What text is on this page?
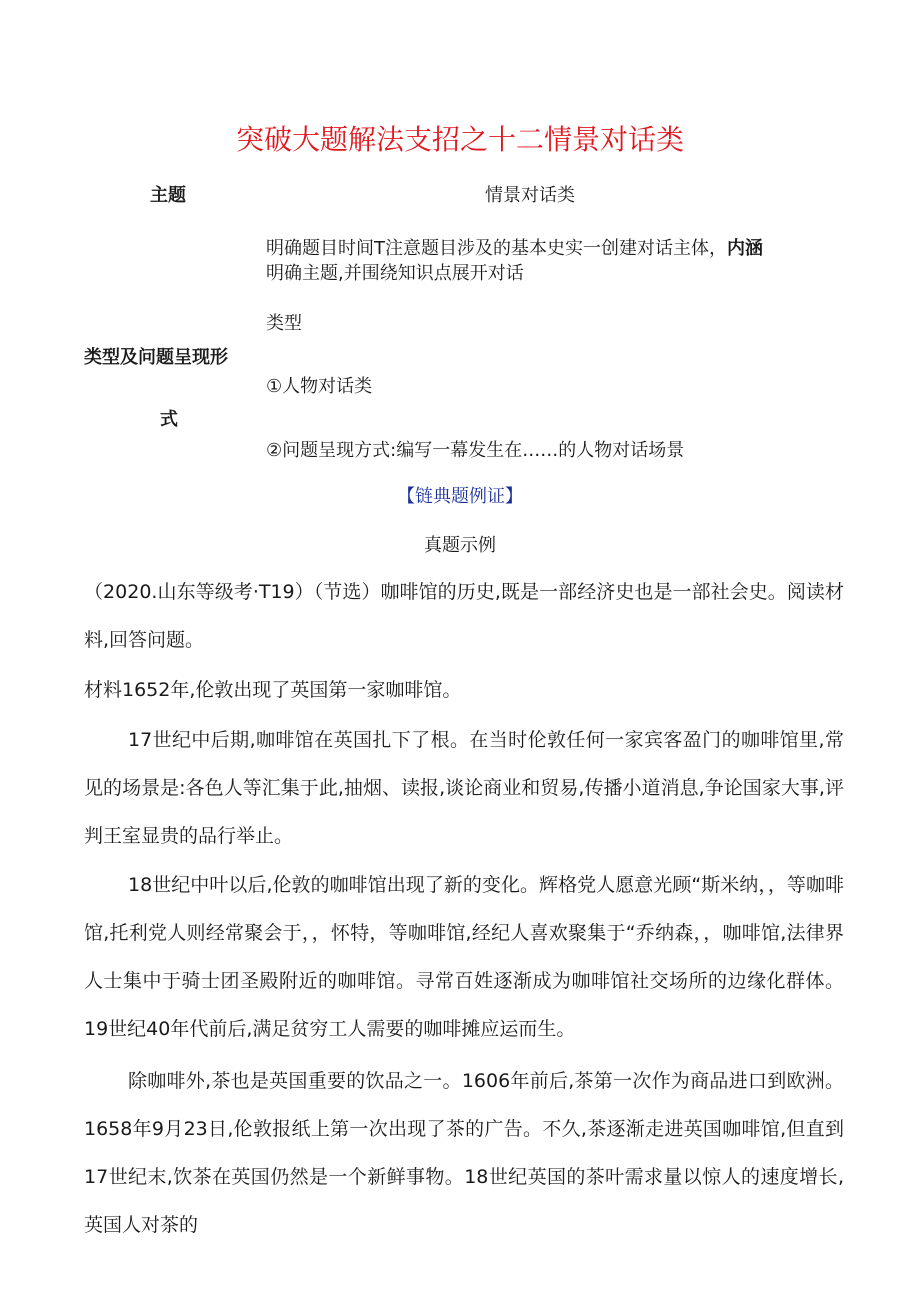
突破大题解法支招之十二情景对话类
主题	情景对话类
明确题目时间T注意题目涉及的基本史实一创建对话主体，内涵
明确主题,并围绕知识点展开对话
类型
类型及问题呈现形
①人物对话类
式
②问题呈现方式:编写一幕发生在……的人物对话场景
【链典题例证】
真题示例

（2020.山东等级考·T19）（节选）咖啡馆的历史,既是一部经济史也是一部社会史。阅读材料,回答问题。

材料1652年,伦敦出现了英国第一家咖啡馆。

17世纪中后期,咖啡馆在英国扎下了根。在当时伦敦任何一家宾客盈门的咖啡馆里,常见的场景是:各色人等汇集于此,抽烟、读报,谈论商业和贸易,传播小道消息,争论国家大事,评判王室显贵的品行举止。

18世纪中叶以后,伦敦的咖啡馆出现了新的变化。辉格党人愿意光顾“斯米纳，，等咖啡馆,托利党人则经常聚会于，，怀特，等咖啡馆,经纪人喜欢聚集于“乔纳森，，咖啡馆,法律界人士集中于骑士团圣殿附近的咖啡馆。寻常百姓逐渐成为咖啡馆社交场所的边缘化群体。19世纪40年代前后,满足贫穷工人需要的咖啡摊应运而生。

除咖啡外,茶也是英国重要的饮品之一。1606年前后,茶第一次作为商品进口到欧洲。1658年9月23日,伦敦报纸上第一次出现了茶的广告。不久,茶逐渐走进英国咖啡馆,但直到17世纪末,饮茶在英国仍然是一个新鲜事物。18世纪英国的茶叶需求量以惊人的速度增长,英国人对茶的
